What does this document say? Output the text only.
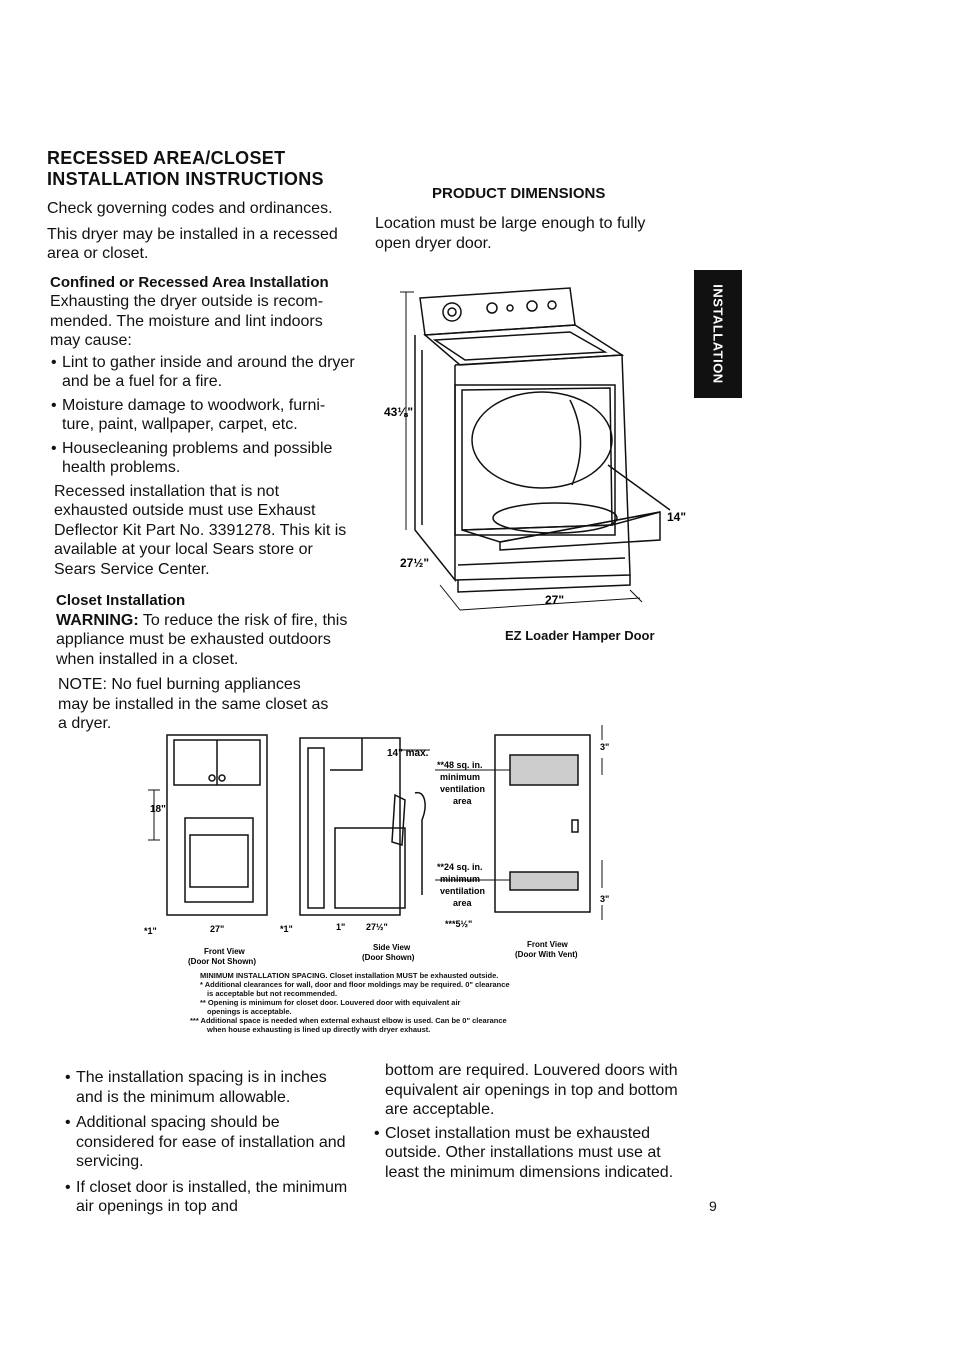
RECESSED AREA/CLOSET
INSTALLATION INSTRUCTIONS

Check governing codes and ordinances.

This dryer may be installed in a recessed area or closet.

Confined or Recessed Area Installation

Exhausting the dryer outside is recom-mended. The moisture and lint indoors may cause:

• Lint to gather inside and around the dryer and be a fuel for a fire.
• Moisture damage to woodwork, furni-ture, paint, wallpaper, carpet, etc.
• Housecleaning problems and possible health problems.

Recessed installation that is not exhausted outside must use Exhaust Deflector Kit Part No. 3391278. This kit is available at your local Sears store or Sears Service Center.

Closet Installation

WARNING: To reduce the risk of fire, this appliance must be exhausted outdoors when installed in a closet.

NOTE: No fuel burning appliances may be installed in the same closet as a dryer.

PRODUCT DIMENSIONS
Location must be large enough to fully open dryer door.
INSTALLATION
43⅛"
27½"
27"
14"
EZ Loader Hamper Door
18"
*1"	27"	*1"
14" max.
1" 27½"	***5½"
**48 sq. in.
minimum
ventilation
area
**24 sq. in.
minimum
ventilation
area
3"
3"
Front View
(Door Not Shown)
Side View
(Door Shown)
Front View
(Door With Vent)
MINIMUM INSTALLATION SPACING. Closet installation MUST be exhausted outside.
* Additional clearances for wall, door and floor moldings may be required. 0" clearance
is acceptable but not recommended.
** Opening is minimum for closet door. Louvered door with equivalent air
openings is acceptable.
*** Additional space is needed when external exhaust elbow is used. Can be 0" clearance
when house exhausting is lined up directly with dryer exhaust.
• The installation spacing is in inches and is the minimum allowable.
• Additional spacing should be considered for ease of installation and servicing.
• If closet door is installed, the minimum air openings in top and

bottom are required. Louvered doors with equivalent air openings in top and bottom are acceptable.

• Closet installation must be exhausted outside. Other installations must use at least the minimum dimensions indicated.
9
